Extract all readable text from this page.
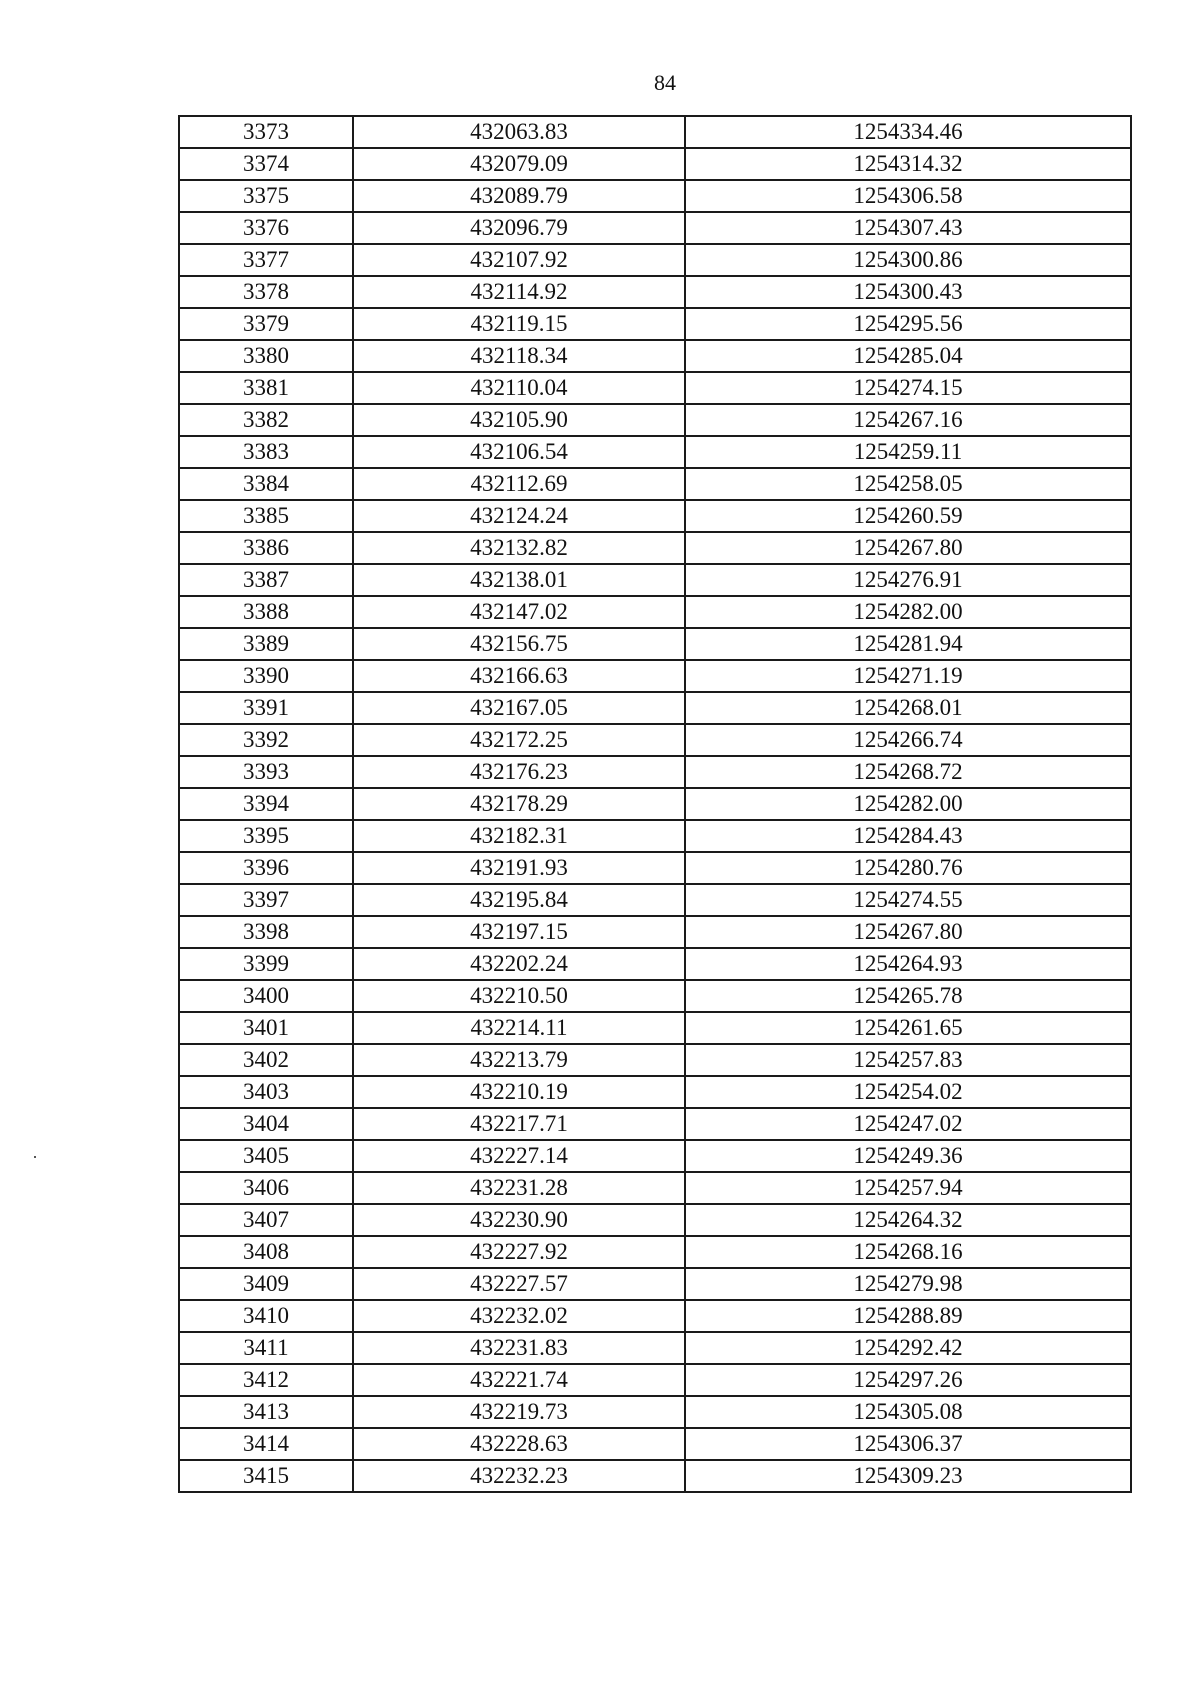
84
3373	432063.83	1254334.46
3374	432079.09	1254314.32
3375	432089.79	1254306.58
3376	432096.79	1254307.43
3377	432107.92	1254300.86
3378	432114.92	1254300.43
3379	432119.15	1254295.56
3380	432118.34	1254285.04
3381	432110.04	1254274.15
3382	432105.90	1254267.16
3383	432106.54	1254259.11
3384	432112.69	1254258.05
3385	432124.24	1254260.59
3386	432132.82	1254267.80
3387	432138.01	1254276.91
3388	432147.02	1254282.00
3389	432156.75	1254281.94
3390	432166.63	1254271.19
3391	432167.05	1254268.01
3392	432172.25	1254266.74
3393	432176.23	1254268.72
3394	432178.29	1254282.00
3395	432182.31	1254284.43
3396	432191.93	1254280.76
3397	432195.84	1254274.55
3398	432197.15	1254267.80
3399	432202.24	1254264.93
3400	432210.50	1254265.78
3401	432214.11	1254261.65
3402	432213.79	1254257.83
3403	432210.19	1254254.02
3404	432217.71	1254247.02
3405	432227.14	1254249.36
3406	432231.28	1254257.94
3407	432230.90	1254264.32
3408	432227.92	1254268.16
3409	432227.57	1254279.98
3410	432232.02	1254288.89
3411	432231.83	1254292.42
3412	432221.74	1254297.26
3413	432219.73	1254305.08
3414	432228.63	1254306.37
3415	432232.23	1254309.23
